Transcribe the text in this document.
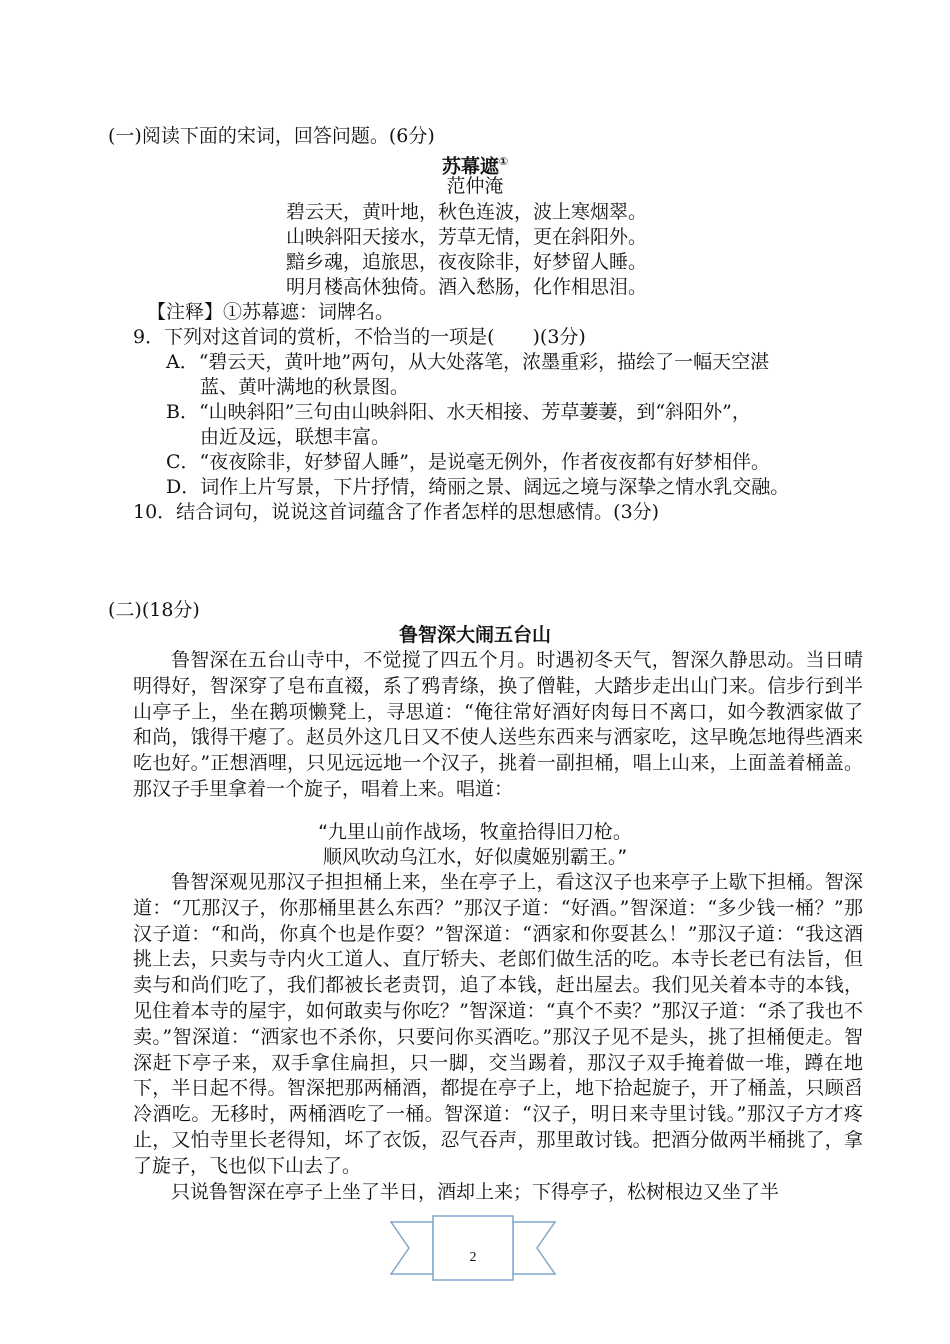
(一)阅读下面的宋词，回答问题。(6分)
苏幕遮①
范仲淹
碧云天，黄叶地，秋色连波，波上寒烟翠。
山映斜阳天接水，芳草无情，更在斜阳外。
黯乡魂，追旅思，夜夜除非，好梦留人睡。
明月楼高休独倚。酒入愁肠，化作相思泪。
【注释】①苏幕遮：词牌名。
9．下列对这首词的赏析，不恰当的一项是(　　)(3分)
A．“碧云天，黄叶地”两句，从大处落笔，浓墨重彩，描绘了一幅天空湛
蓝、黄叶满地的秋景图。
B．“山映斜阳”三句由山映斜阳、水天相接、芳草萋萋，到“斜阳外”，
由近及远，联想丰富。
C．“夜夜除非，好梦留人睡”，是说毫无例外，作者夜夜都有好梦相伴。
D．词作上片写景，下片抒情，绮丽之景、阔远之境与深挚之情水乳交融。
10．结合词句，说说这首词蕴含了作者怎样的思想感情。(3分)
(二)(18分)
鲁智深大闹五台山

鲁智深在五台山寺中，不觉搅了四五个月。时遇初冬天气，智深久静思动。当日晴明得好，智深穿了皂布直裰，系了鸦青绦，换了僧鞋，大踏步走出山门来。信步行到半山亭子上，坐在鹅项懒凳上，寻思道：“俺往常好酒好肉每日不离口，如今教洒家做了和尚，饿得干瘪了。赵员外这几日又不使人送些东西来与洒家吃，这早晚怎地得些酒来吃也好。”正想酒哩，只见远远地一个汉子，挑着一副担桶，唱上山来，上面盖着桶盖。那汉子手里拿着一个旋子，唱着上来。唱道：

“九里山前作战场，牧童拾得旧刀枪。
顺风吹动乌江水，好似虞姬别霸王。”

鲁智深观见那汉子担担桶上来，坐在亭子上，看这汉子也来亭子上歇下担桶。智深道：“兀那汉子，你那桶里甚么东西？”那汉子道：“好酒。”智深道：“多少钱一桶？”那汉子道：“和尚，你真个也是作耍？”智深道：“洒家和你耍甚么！”那汉子道：“我这酒挑上去，只卖与寺内火工道人、直厅轿夫、老郎们做生活的吃。本寺长老已有法旨，但卖与和尚们吃了，我们都被长老责罚，追了本钱，赶出屋去。我们见关着本寺的本钱，见住着本寺的屋宇，如何敢卖与你吃？”智深道：“真个不卖？”那汉子道：“杀了我也不卖。”智深道：“洒家也不杀你，只要问你买酒吃。”那汉子见不是头，挑了担桶便走。智深赶下亭子来，双手拿住扁担，只一脚，交当踢着，那汉子双手掩着做一堆，蹲在地下，半日起不得。智深把那两桶酒，都提在亭子上，地下拾起旋子，开了桶盖，只顾舀冷酒吃。无移时，两桶酒吃了一桶。智深道：“汉子，明日来寺里讨钱。”那汉子方才疼止，又怕寺里长老得知，坏了衣饭，忍气吞声，那里敢讨钱。把酒分做两半桶挑了，拿了旋子，飞也似下山去了。

只说鲁智深在亭子上坐了半日，酒却上来；下得亭子，松树根边又坐了半

2
